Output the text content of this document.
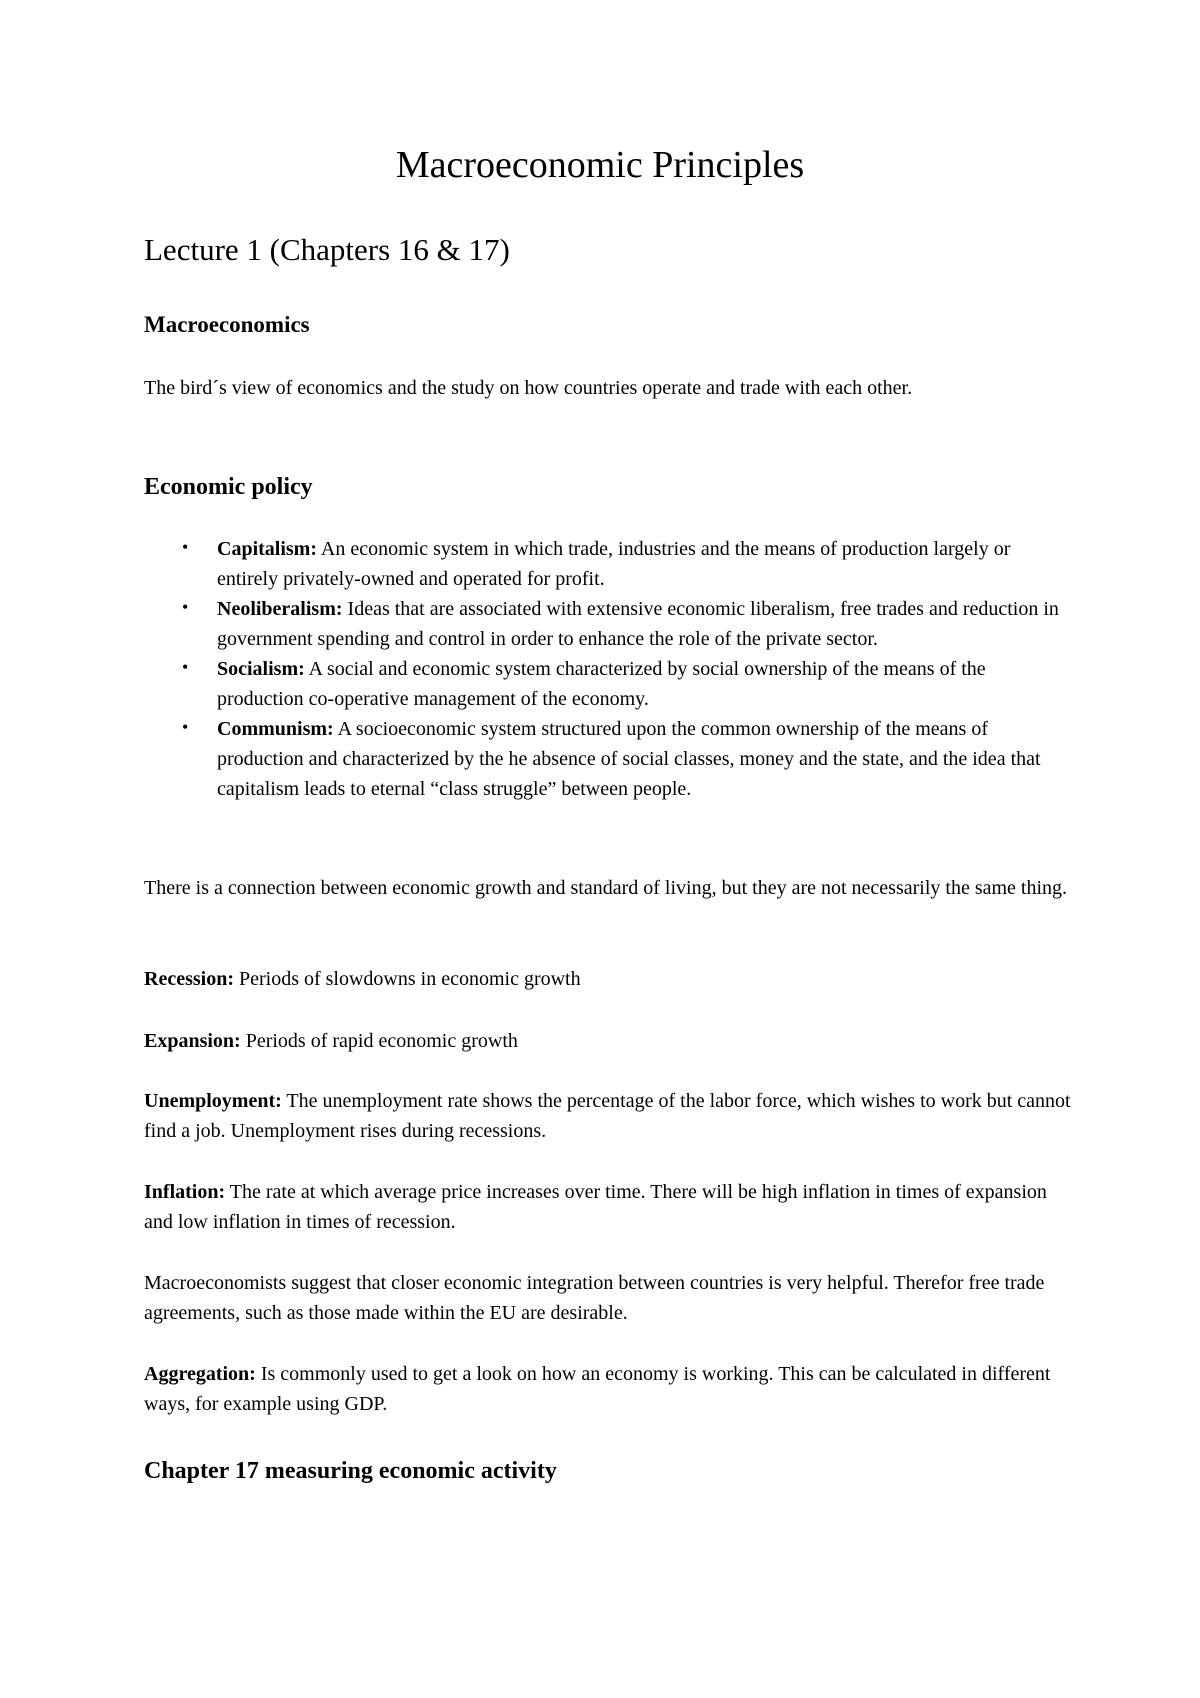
Macroeconomic Principles
Lecture 1 (Chapters 16 & 17)
Macroeconomics

The bird´s view of economics and the study on how countries operate and trade with each other.

Economic policy
• Capitalism: An economic system in which trade, industries and the means of production largely or entirely privately-owned and operated for profit.
• Neoliberalism: Ideas that are associated with extensive economic liberalism, free trades and reduction in government spending and control in order to enhance the role of the private sector.
• Socialism: A social and economic system characterized by social ownership of the means of the production co-operative management of the economy.
• Communism: A socioeconomic system structured upon the common ownership of the means of production and characterized by the he absence of social classes, money and the state, and the idea that capitalism leads to eternal “class struggle” between people.

There is a connection between economic growth and standard of living, but they are not necessarily the same thing.

Recession: Periods of slowdowns in economic growth

Expansion: Periods of rapid economic growth

Unemployment: The unemployment rate shows the percentage of the labor force, which wishes to work but cannot find a job. Unemployment rises during recessions.

Inflation: The rate at which average price increases over time. There will be high inflation in times of expansion and low inflation in times of recession.

Macroeconomists suggest that closer economic integration between countries is very helpful. Therefor free trade agreements, such as those made within the EU are desirable.

Aggregation: Is commonly used to get a look on how an economy is working. This can be calculated in different ways, for example using GDP.

Chapter 17 measuring economic activity
